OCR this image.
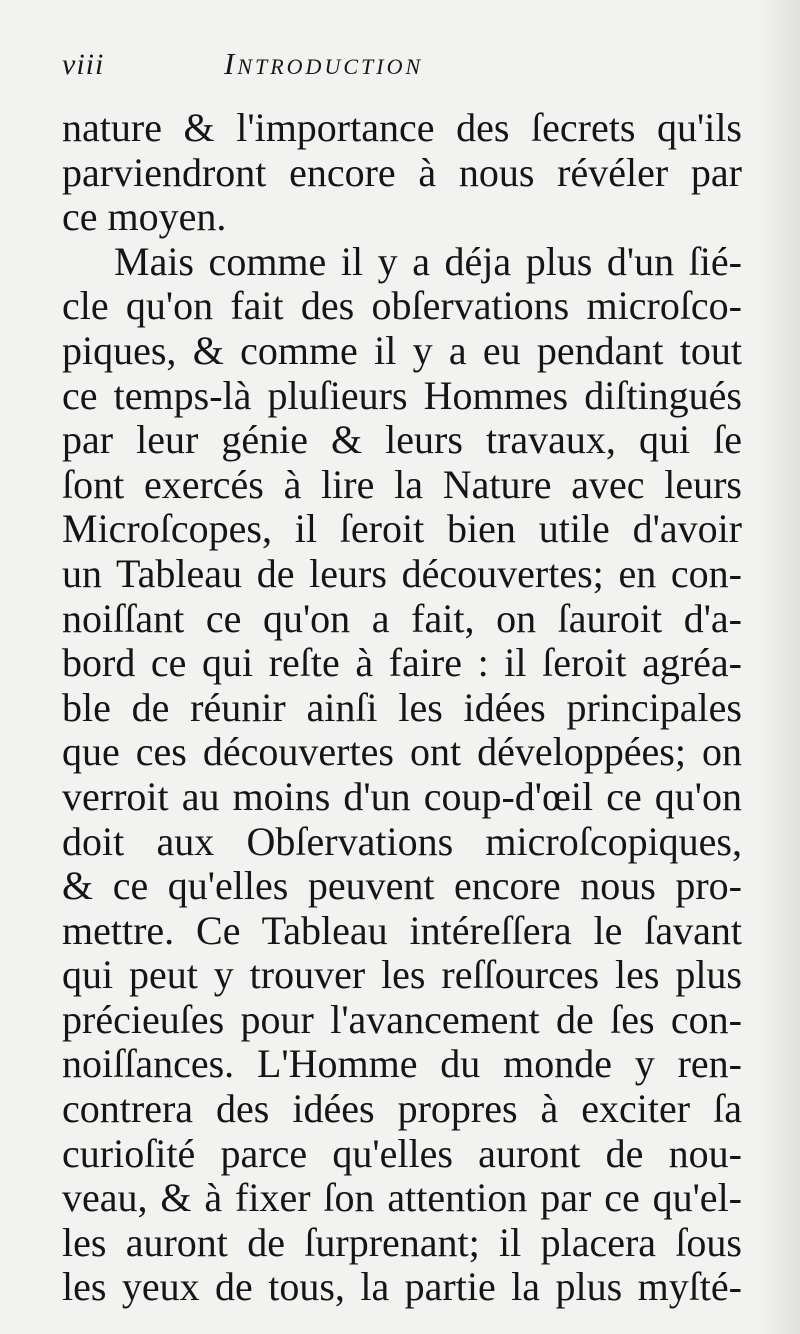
viii	Introduction
nature & l'importance des ſecrets qu'ils
parviendront encore à nous révéler par
ce moyen.
Mais comme il y a déja plus d'un ſié-
cle qu'on fait des obſervations microſco-
piques, & comme il y a eu pendant tout
ce temps-là pluſieurs Hommes diſtingués
par leur génie & leurs travaux, qui ſe
ſont exercés à lire la Nature avec leurs
Microſcopes, il ſeroit bien utile d'avoir
un Tableau de leurs découvertes; en con-
noiſſant ce qu'on a fait, on ſauroit d'a-
bord ce qui reſte à faire : il ſeroit agréa-
ble de réunir ainſi les idées principales
que ces découvertes ont développées; on
verroit au moins d'un coup-d'œil ce qu'on
doit aux Obſervations microſcopiques,
& ce qu'elles peuvent encore nous pro-
mettre. Ce Tableau intéreſſera le ſavant
qui peut y trouver les reſſources les plus
précieuſes pour l'avancement de ſes con-
noiſſances. L'Homme du monde y ren-
contrera des idées propres à exciter ſa
curioſité parce qu'elles auront de nou-
veau, & à fixer ſon attention par ce qu'el-
les auront de ſurprenant; il placera ſous
les yeux de tous, la partie la plus myſté-
